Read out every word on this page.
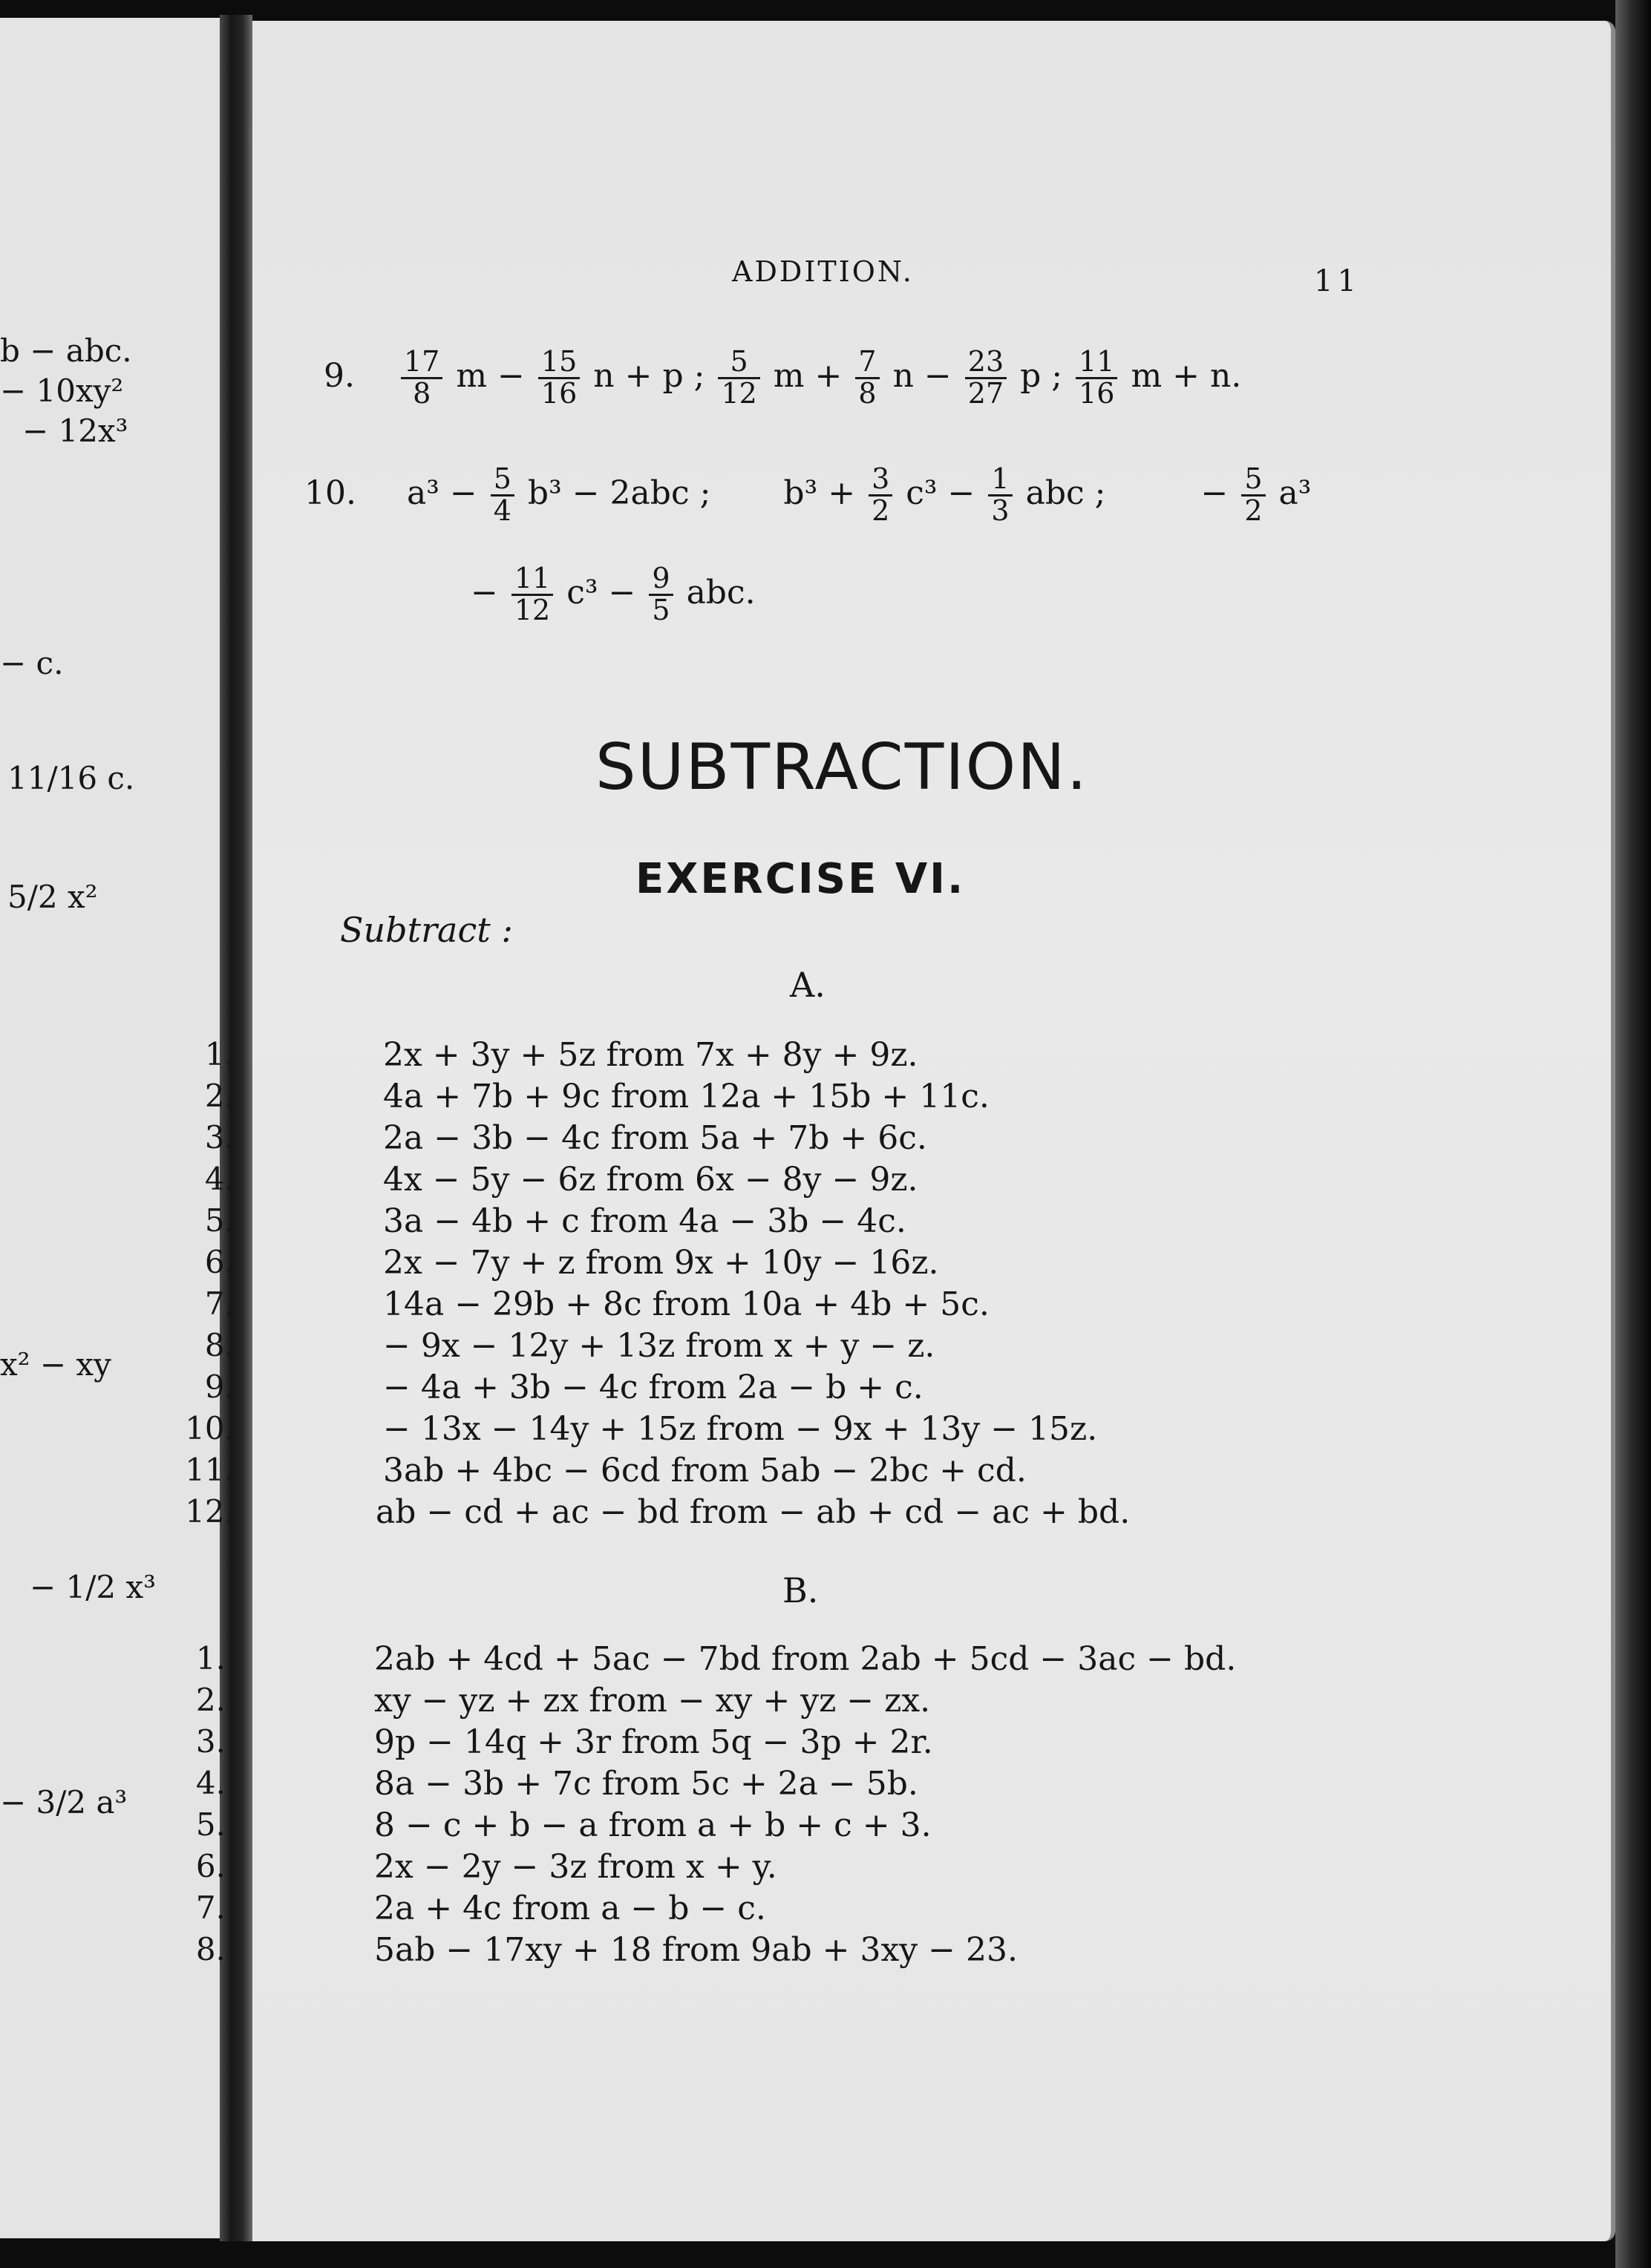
b − abc.
− 10xy²
− 12x³
− c.
11/16 c.
5/2 x²
x² − xy
− 1/2 x³
− 3/2 a³
ADDITION.	11
9. $\frac{17}{8}$ $m - \frac{15}{16}$ n + p ; $\frac{5}{12}$ $m + \frac{7}{8}$ $n - \frac{23}{27}$ p ; $\frac{11}{16}$ m + n.
10. $a^3 - \frac{5}{4} b^3 - 2abc$ ; $b^3 + \frac{3}{2} c^3 - \frac{1}{3}$ abc ;	− $\frac{5}{2} a^3$
− $\frac{11}{12} c^3 - \frac{9}{5}$ abc.
SUBTRACTION.
EXERCISE VI.
Subtract :
A.
1.	2x + 3y + 5z from 7x + 8y + 9z.
2.	4a + 7b + 9c from 12a + 15b + 11c.
3.	2a − 3b − 4c from 5a + 7b + 6c.
4.	4x − 5y − 6z from 6x − 8y − 9z.
5.	3a − 4b + c from 4a − 3b − 4c.
6.	2x − 7y + z from 9x + 10y − 16z.
7.	14a − 29b + 8c from 10a + 4b + 5c.
8.	− 9x − 12y + 13z from x + y − z.
9.	− 4a + 3b − 4c from 2a − b + c.
10.	− 13x − 14y + 15z from − 9x + 13y − 15z.
11.	3ab + 4bc − 6cd from 5ab − 2bc + cd.
12.	ab − cd + ac − bd from − ab + cd − ac + bd.
B.
1.	2ab + 4cd + 5ac − 7bd from 2ab + 5cd − 3ac − bd.
2.	xy − yz + zx from − xy + yz − zx.
3.	9p − 14q + 3r from 5q − 3p + 2r.
4.	8a − 3b + 7c from 5c + 2a − 5b.
5.	8 − c + b − a from a + b + c + 3.
6.	2x − 2y − 3z from x + y.
7.	2a + 4c from a − b − c.
8.	5ab − 17xy + 18 from 9ab + 3xy − 23.
